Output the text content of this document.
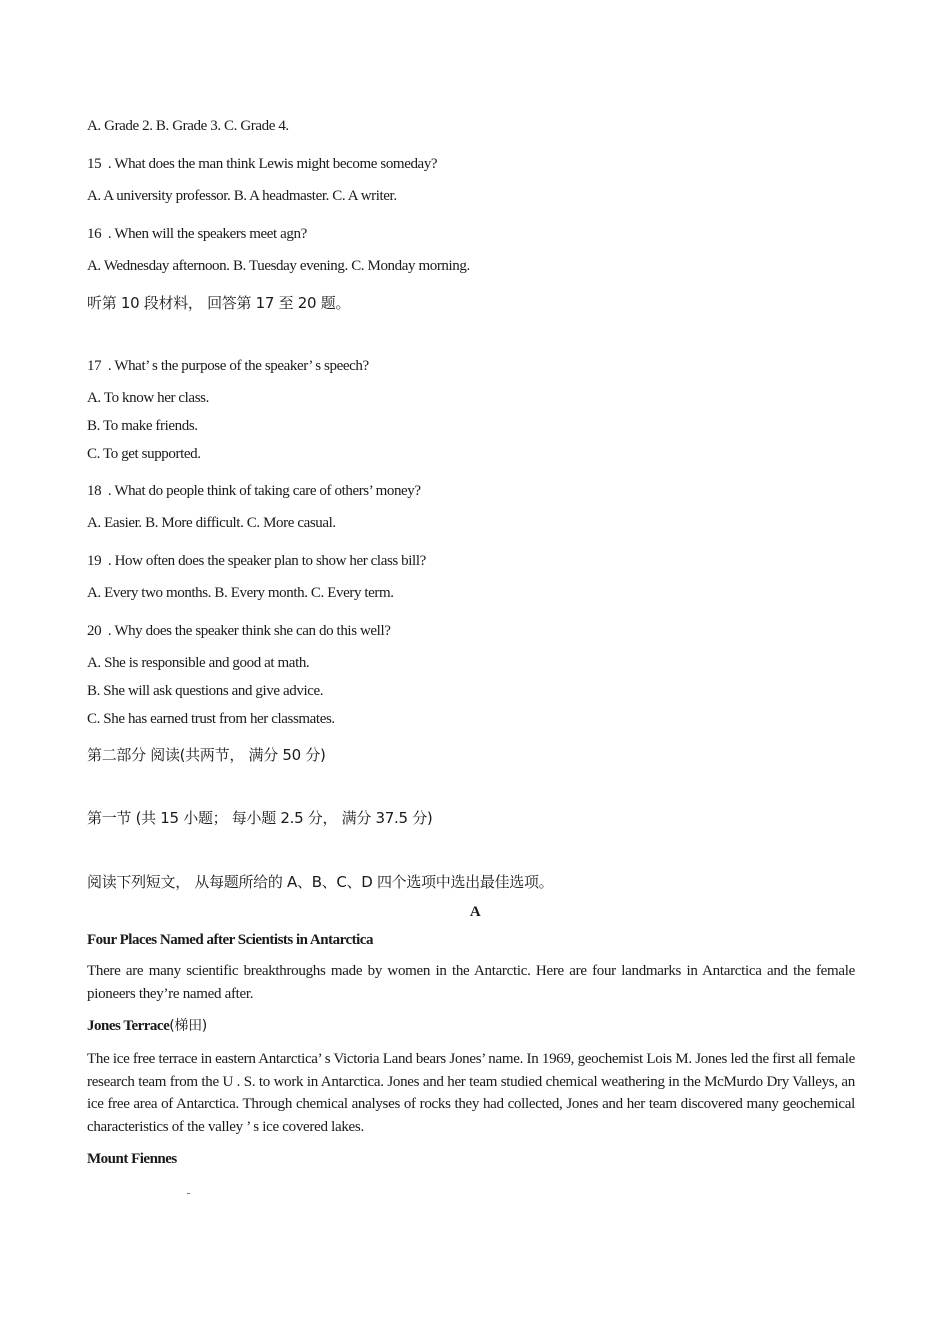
A. Grade 2. B. Grade 3. C. Grade 4.
15  . What does the man think Lewis might become someday?
A. A university professor. B. A headmaster. C. A writer.
16  . When will the speakers meet agn?
A. Wednesday afternoon. B. Tuesday evening. C. Monday morning.
听第 10 段材料， 回答第 17 至 20 题。
17  . What’ s the purpose of the speaker’ s speech?
A. To know her class.
B. To make friends.
C. To get supported.
18  . What do people think of taking care of others’ money?
A. Easier. B. More difficult. C. More casual.
19  . How often does the speaker plan to show her class bill?
A. Every two months. B. Every month. C. Every term.
20  . Why does the speaker think she can do this well?
A. She is responsible and good at math.
B. She will ask questions and give advice.
C. She has earned trust from her classmates.
第二部分 阅读(共两节， 满分 50 分)
第一节 (共 15 小题； 每小题 2.5 分， 满分 37.5 分)
阅读下列短文， 从每题所给的 A、B、C、D 四个选项中选出最佳选项。
A
Four Places Named after Scientists in Antarctica
There are many scientific breakthroughs made by women in the Antarctic. Here are four landmarks in Antarctica and the female pioneers they’re named after.
Jones Terrace(梯田)
The ice free terrace in eastern Antarctica’ s Victoria Land bears Jones’ name. In 1969, geochemist Lois M. Jones led the first all female research team from the U . S. to work in Antarctica. Jones and her team studied chemical weathering in the McMurdo Dry Valleys, an ice free area of Antarctica. Through chemical analyses of rocks they had collected, Jones and her team discovered many geochemical characteristics of the valley ’ s ice covered lakes.
Mount Fiennes
